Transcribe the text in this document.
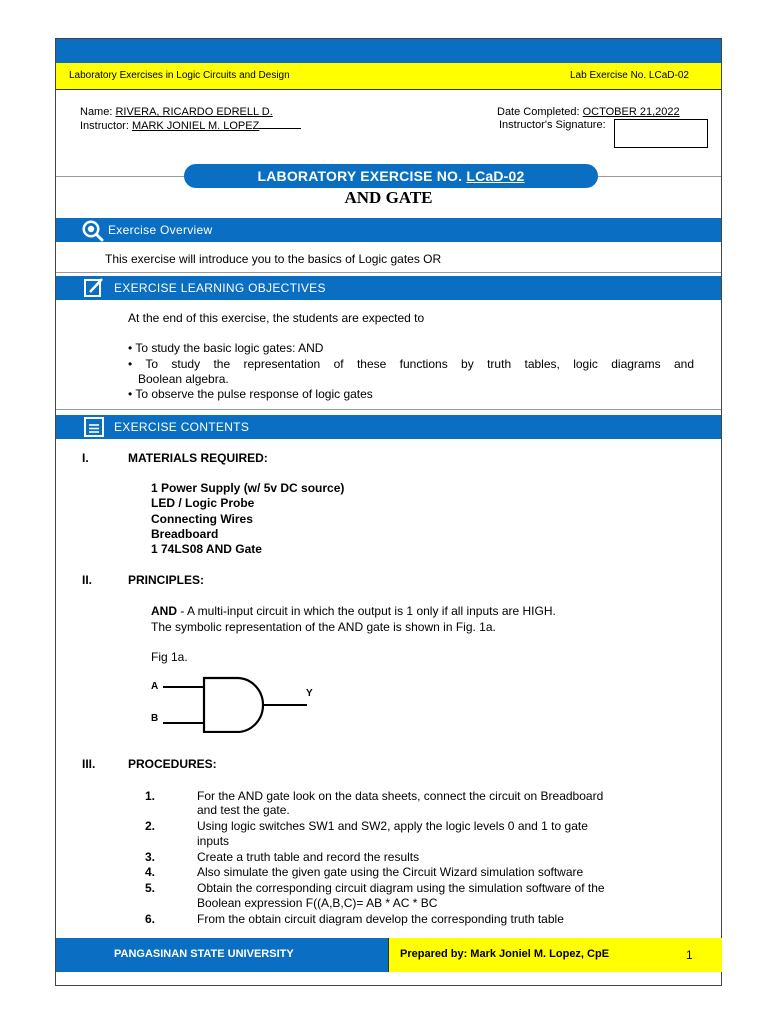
Laboratory Exercises in Logic Circuits and Design	Lab Exercise No. LCaD-02
Name: RIVERA, RICARDO EDRELL D.
Instructor: MARK JONIEL M. LOPEZ
Date Completed: OCTOBER 21,2022
Instructor's Signature:
LABORATORY EXERCISE NO. LCaD-02
AND GATE
Exercise Overview
This exercise will introduce you to the basics of Logic gates OR
EXERCISE LEARNING OBJECTIVES
At the end of this exercise, the students are expected to
• To study the basic logic gates: AND
• To study the representation of these functions by truth tables, logic diagrams and
Boolean algebra.
• To observe the pulse response of logic gates
EXERCISE CONTENTS
I.	MATERIALS REQUIRED:
1 Power Supply (w/ 5v DC source)
LED / Logic Probe
Connecting Wires
Breadboard
1 74LS08 AND Gate
II.	PRINCIPLES:
AND - A multi-input circuit in which the output is 1 only if all inputs are HIGH.
The symbolic representation of the AND gate is shown in Fig. 1a.
Fig 1a.
A
B
Y
III.	PROCEDURES:
1.	For the AND gate look on the data sheets, connect the circuit on Breadboard
and test the gate.
2.	Using logic switches SW1 and SW2, apply the logic levels 0 and 1 to gate
inputs
3.	Create a truth table and record the results
4.	Also simulate the given gate using the Circuit Wizard simulation software
5.	Obtain the corresponding circuit diagram using the simulation software of the
Boolean expression F((A,B,C)= AB * AC * BC
6.	From the obtain circuit diagram develop the corresponding truth table
PANGASINAN STATE UNIVERSITY	Prepared by: Mark Joniel M. Lopez, CpE	1
